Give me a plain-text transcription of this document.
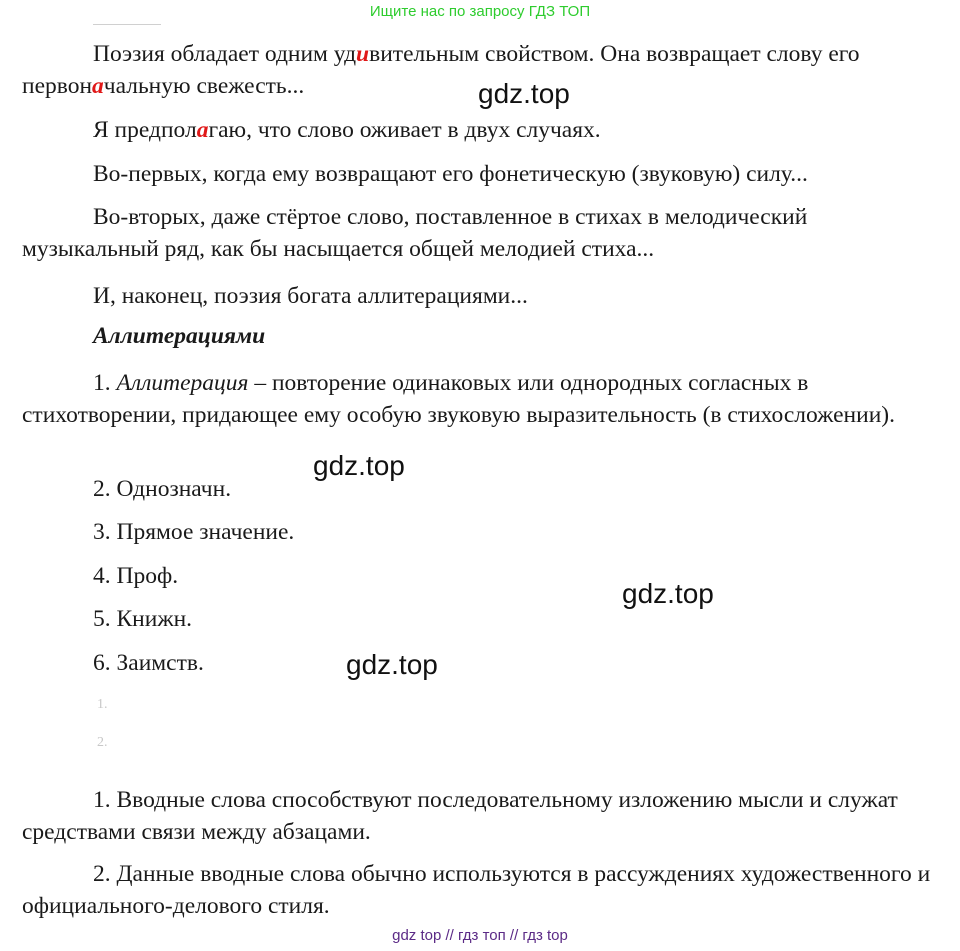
Ищите нас по запросу ГДЗ ТОП

Поэзия обладает одним удивительным свойством. Она возвращает слову его первоначальную свежесть...

Я предполагаю, что слово оживает в двух случаях.

Во-первых, когда ему возвращают его фонетическую (звуковую) силу...

Во-вторых, даже стёртое слово, поставленное в стихах в мелодический музыкальный ряд, как бы насыщается общей мелодией стиха...

И, наконец, поэзия богата аллитерациями...

Аллитерациями

1. Аллитерация – повторение одинаковых или однородных согласных в стихотворении, придающее ему особую звуковую выразительность (в стихосложении).

2. Однозначн.

3. Прямое значение.

4. Проф.

5. Книжн.

6. Заимств.

1.
2.

1. Вводные слова способствуют последовательному изложению мысли и служат средствами связи между абзацами.

2. Данные вводные слова обычно используются в рассуждениях художественного и официального-делового стиля.

gdz.top
gdz.top
gdz.top
gdz.top
gdz top // гдз топ // гдз top
